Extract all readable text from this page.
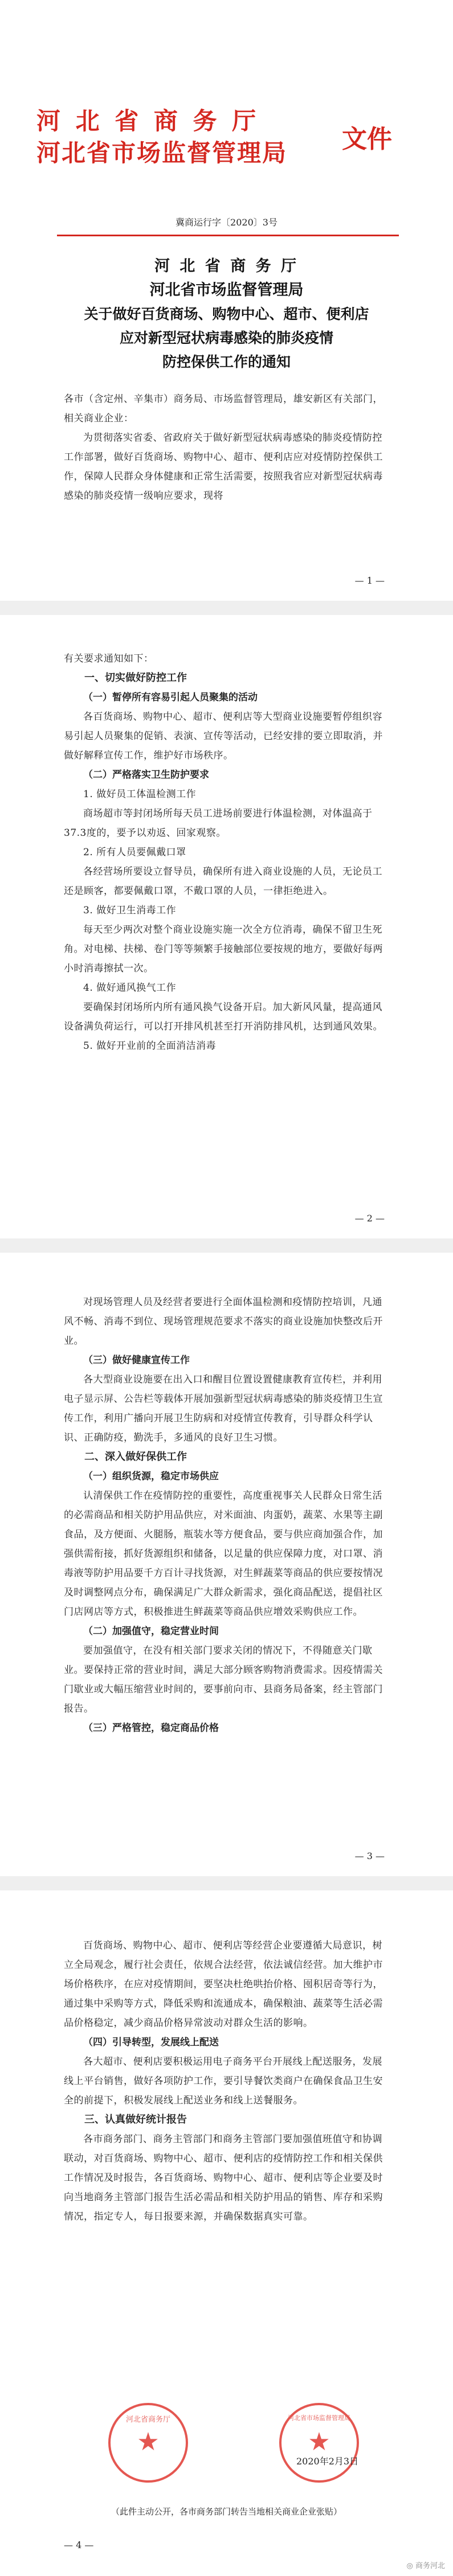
河 北 省 商 务 厅
河北省市场监督管理局 文件
冀商运行字〔2020〕3号
河 北 省 商 务 厅
河北省市场监督管理局
关于做好百货商场、购物中心、超市、便利店
应对新型冠状病毒感染的肺炎疫情
防控保供工作的通知

各市（含定州、辛集市）商务局、市场监督管理局，雄安新区有关部门，相关商业企业：

为贯彻落实省委、省政府关于做好新型冠状病毒感染的肺炎疫情防控工作部署，做好百货商场、购物中心、超市、便利店应对疫情防控保供工作，保障人民群众身体健康和正常生活需要，按照我省应对新型冠状病毒感染的肺炎疫情一级响应要求，现将

— 1 —

有关要求通知如下：

一、切实做好防控工作

（一）暂停所有容易引起人员聚集的活动

各百货商场、购物中心、超市、便利店等大型商业设施要暂停组织容易引起人员聚集的促销、表演、宣传等活动，已经安排的要立即取消，并做好解释宣传工作，维护好市场秩序。

（二）严格落实卫生防护要求

1. 做好员工体温检测工作

商场超市等封闭场所每天员工进场前要进行体温检测，对体温高于37.3度的，要予以劝返、回家观察。

2. 所有人员要佩戴口罩

各经营场所要设立督导员，确保所有进入商业设施的人员，无论员工还是顾客，都要佩戴口罩，不戴口罩的人员，一律拒绝进入。

3. 做好卫生消毒工作

每天至少两次对整个商业设施实施一次全方位消毒，确保不留卫生死角。对电梯、扶梯、卷门等等频繁手接触部位要按规的地方，要做好每两小时消毒擦拭一次。

4. 做好通风换气工作

要确保封闭场所内所有通风换气设备开启。加大新风风量，提高通风设备满负荷运行，可以打开排风机甚至打开消防排风机，达到通风效果。

5. 做好开业前的全面消洁消毒

— 2 —

对现场管理人员及经营者要进行全面体温检测和疫情防控培训，凡通风不畅、消毒不到位、现场管理规范要求不落实的商业设施加快整改后开业。

（三）做好健康宣传工作

各大型商业设施要在出入口和醒目位置设置健康教育宣传栏，并利用电子显示屏、公告栏等载体开展加强新型冠状病毒感染的肺炎疫情卫生宣传工作，利用广播向开展卫生防病和对疫情宣传教育，引导群众科学认识、正确防疫，勤洗手，多通风的良好卫生习惯。

二、深入做好保供工作

（一）组织货源，稳定市场供应

认清保供工作在疫情防控的重要性，高度重视事关人民群众日常生活的必需商品和相关防护用品供应，对米面油、肉蛋奶，蔬菜、水果等主副食品，及方便面、火腿肠，瓶装水等方便食品，要与供应商加强合作，加强供需衔接，抓好货源组织和储备，以足量的供应保障力度，对口罩、消毒液等防护用品要千方百计寻找货源，对生鲜蔬菜等商品的供应要按情况及时调整网点分布，确保满足广大群众新需求，强化商品配送，提倡社区门店网店等方式，积极推进生鲜蔬菜等商品供应增效采购供应工作。

（二）加强值守，稳定营业时间

要加强值守，在没有相关部门要求关闭的情况下，不得随意关门歇业。要保持正常的营业时间，满足大部分顾客购物消费需求。因疫情需关门歇业或大幅压缩营业时间的，要事前向市、县商务局备案，经主管部门报告。

（三）严格管控，稳定商品价格

— 3 —

百货商场、购物中心、超市、便利店等经营企业要遵循大局意识，树立全局观念，履行社会责任，依规合法经营，依法诚信经营。加大维护市场价格秩序，在应对疫情期间，要坚决杜绝哄抬价格、囤积居奇等行为，通过集中采购等方式，降低采购和流通成本，确保粮油、蔬菜等生活必需品价格稳定，减少商品价格异常波动对群众生活的影响。

（四）引导转型，发展线上配送

各大超市、便利店要积极运用电子商务平台开展线上配送服务，发展线上平台销售，做好各项防护工作，要引导餐饮类商户在确保食品卫生安全的前提下，积极发展线上配送业务和线上送餐服务。

三、认真做好统计报告

各市商务部门、商务主管部门和商务主管部门要加强值班值守和协调联动，对百货商场、购物中心、超市、便利店的疫情防控工作和相关保供工作情况及时报告，各百货商场、购物中心、超市、便利店等企业要及时向当地商务主管部门报告生活必需品和相关防护用品的销售、库存和采购情况，指定专人，每日报要来源，并确保数据真实可靠。

河北省商务厅
★
河北省市场监督管理局
★
2020年2月3日
（此件主动公开，各市商务部门转告当地相关商业企业张贴）
— 4 —
◎ 商务河北
